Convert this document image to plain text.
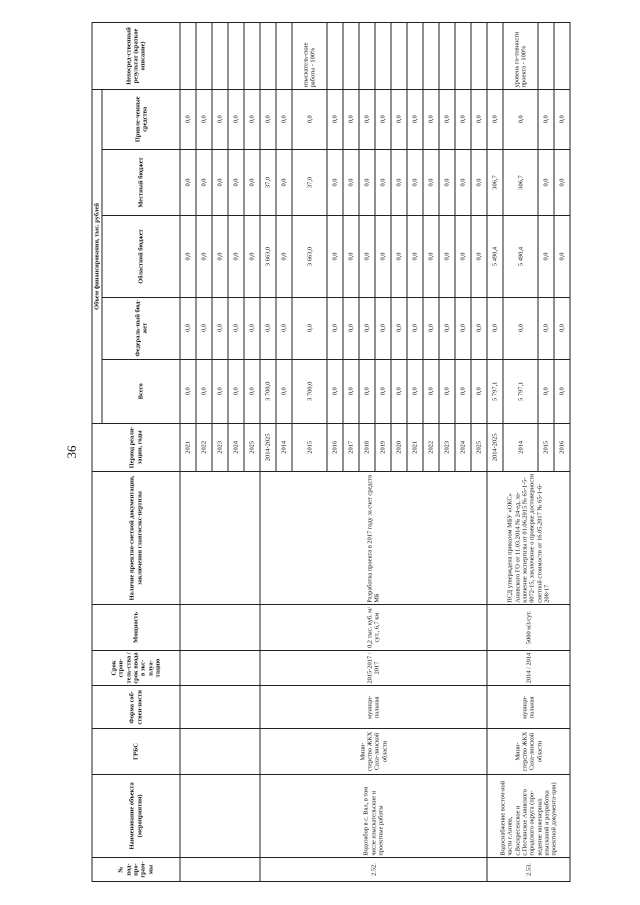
36
№ под-про-грам-мы	Наименование объекта (мероприятия)	ГРБС	Форма соб-ствен-ности	Срок строи-тель-ства / срок ввода в экс-плуа-тацию	Мощность	Наличие проектно-сметной документации, заключения главгосэкс-пертизы	Период реали-зации, годы	Объем финансирования, тыс. рублей					Непосред-ственный результат (краткое описание)
								Всего	Федераль-ный бюд-жет	Областной бюджет	Местный бюджет	Привле-ченные средства	
							2021	0,0	0,0	0,0	0,0	0,0	
							2022	0,0	0,0	0,0	0,0	0,0	
							2023	0,0	0,0	0,0	0,0	0,0	
							2024	0,0	0,0	0,0	0,0	0,0	
							2025	0,0	0,0	0,0	0,0	0,0	
2.52.	Водозабор в с. Вал, в том числе изыскательские и проектные работы	Мини-стерство ЖКХ Саха-линской области	муници-пальная	2015-2017 / 2017	0,2 тыс. куб. м/сут., 6,7 км	Разработка проекта в 2017 году за счет средств МБ	2014-2025	3 700,0	0,0	3 663,0	37,0	0,0	
							2014	0,0	0,0	0,0	0,0	0,0	
							2015	3 700,0	0,0	3 663,0	37,0	0,0	изыскатель-ские работы - 100%
							2016	0,0	0,0	0,0	0,0	0,0	
							2017	0,0	0,0	0,0	0,0	0,0	
							2018	0,0	0,0	0,0	0,0	0,0	
							2019	0,0	0,0	0,0	0,0	0,0	
							2020	0,0	0,0	0,0	0,0	0,0	
							2021	0,0	0,0	0,0	0,0	0,0	
							2022	0,0	0,0	0,0	0,0	0,0	
							2023	0,0	0,0	0,0	0,0	0,0	
							2024	0,0	0,0	0,0	0,0	0,0	
							2025	0,0	0,0	0,0	0,0	0,0	
2.53.	Водоснабжение восточ-ной части г.Анива, с.Воскресенское и с.Песчанское Анивского городского округа (про-ведение инженерных изысканий и разработка проектной документа-ции)	Мини-стерство ЖКХ Саха-линской области	муници-пальная	2014 / 2014	5000 м3/сут.	ПСД утверждена приказом МБУ «ОКС» Анивского ГО от 11.03.2014 № 24-ед, за-ключение экспертизы от 01.06.2015 № 65-1-5-0072-15, заключение о проверке достоверности сметной стоимости от 16.05.2017 № 65-1-6-208-17	2014-2025	5 797,1	0,0	5 490,4	306,7	0,0	
							2014	5 797,1	0,0	5 490,4	306,7	0,0	уровень го-товности проекта - 100%
							2015	0,0	0,0	0,0	0,0	0,0	
							2016	0,0	0,0	0,0	0,0	0,0	
